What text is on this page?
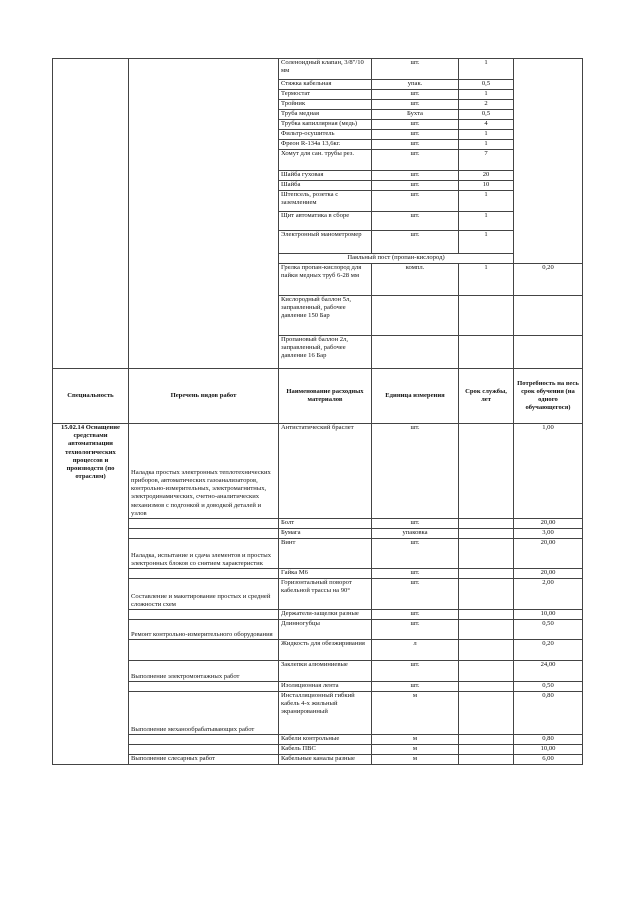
		Соленоидный клапан, 3/8"/10 мм	шт.	1	
		Стяжка кабельная	упак.	0,5	
		Термостат	шт.	1	
		Тройник	шт.	2	
		Труба медная	Бухта	0,5	
		Трубка капиллярная (медь)	шт.	4	
		Фильтр-осушитель	шт.	1	
		Фреон R-134a 13,6кг.	шт.	1	
		Хомут для сан. трубы рез.	шт.	7	
		Шайба гуховая	шт.	20	
		Шайба	шт.	10	
		Штепсель, розетка с заземлением	шт.	1	
		Щит автоматика в сборе	шт.	1	
		Электронный манометромер	шт.	1	
		Паяльный пост (пропан-кислород)			
		Грелка пропан-кислород для пайки медных труб 6-28 мм	компл.	1	0,20
		Кислородный баллон 5л, заправленный, рабочее давление 150 Бар			
		Пропановый баллон 2л, заправленный, рабочее давление 16 Бар			
Специальность	Перечень видов работ	Наименование расходных материалов	Единица измерения	Срок службы, лет	Потребность на весь срок обучения (на одного обучающегося)
15.02.14 Оснащение средствами автоматизации технологических процессов и производств (по отраслям)	Наладка простых электронных теплотехнических приборов, автоматических газоанализаторов, контрольно-измерительных, электромагнитных, электродинамических, счетно-аналитических механизмов с подгонкой и доводкой деталей и узлов	Антистатический браслет	шт.		1,00
		Болт	шт.		20,00
		Бумага	упаковка		3,00
	Наладка, испытание и сдача элементов и простых электронных блоков со снятием характеристик	Винт	шт.		20,00
		Гайка М6	шт.		20,00
	Составление и макетирование простых и средней сложности схем	Горизонтальный поворот кабельной трассы на 90°	шт.		2,00
		Держатели-защелки разные	шт.		10,00
	Ремонт контрольно-измерительного оборудования	Длинногубцы	шт.		0,50
		Жидкость для обезжиривания	л		0,20
	Выполнение электромонтажных работ	Заклепки алюминиевые	шт.		24,00
		Изоляционная лента	шт.		0,50
	Выполнение механообрабатывающих работ	Инсталляционный гибкий кабель 4-х жильный экранированный	м		0,80
		Кабели контрольные	м		0,80
		Кабель ПВС	м		10,00
	Выполнение слесарных работ	Кабельные каналы разные	м		6,00
